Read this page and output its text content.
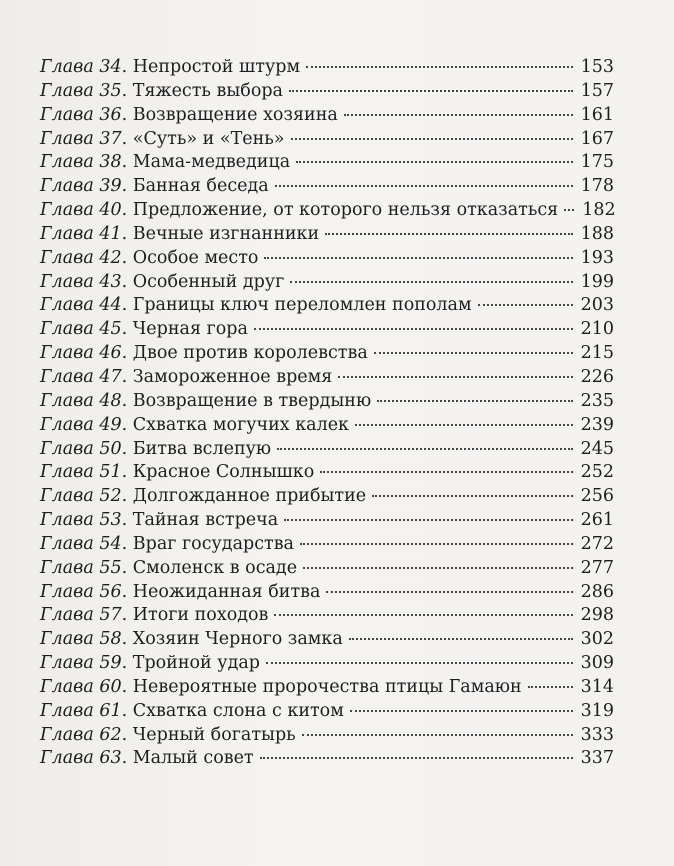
Глава 34 . Непростой штурм	153
Глава 35 . Тяжесть выбора	157
Глава 36 . Возвращение хозяина	161
Глава 37 . «Суть» и «Тень»	167
Глава 38 . Мама-медведица	175
Глава 39 . Банная беседа	178
Глава 40 . Предложение, от которого нельзя отказаться 182
Глава 41 . Вечные изгнанники	188
Глава 42 . Особое место	193
Глава 43 . Особенный друг	199
Глава 44 . Границы ключ переломлен пополам	203
Глава 45 . Черная гора	210
Глава 46 . Двое против королевства	215
Глава 47 . Замороженное время	226
Глава 48 . Возвращение в твердыню	235
Глава 49 . Схватка могучих калек	239
Глава 50 . Битва вслепую	245
Глава 51 . Красное Солнышко	252
Глава 52 . Долгожданное прибытие	256
Глава 53 . Тайная встреча	261
Глава 54 . Враг государства	272
Глава 55 . Смоленск в осаде	277
Глава 56 . Неожиданная битва	286
Глава 57 . Итоги походов	298
Глава 58 . Хозяин Черного замка	302
Глава 59 . Тройной удар	309
Глава 60 . Невероятные пророчества птицы Гамаюн	314
Глава 61 . Схватка слона с китом	319
Глава 62 . Черный богатырь	333
Глава 63 . Малый совет	337
